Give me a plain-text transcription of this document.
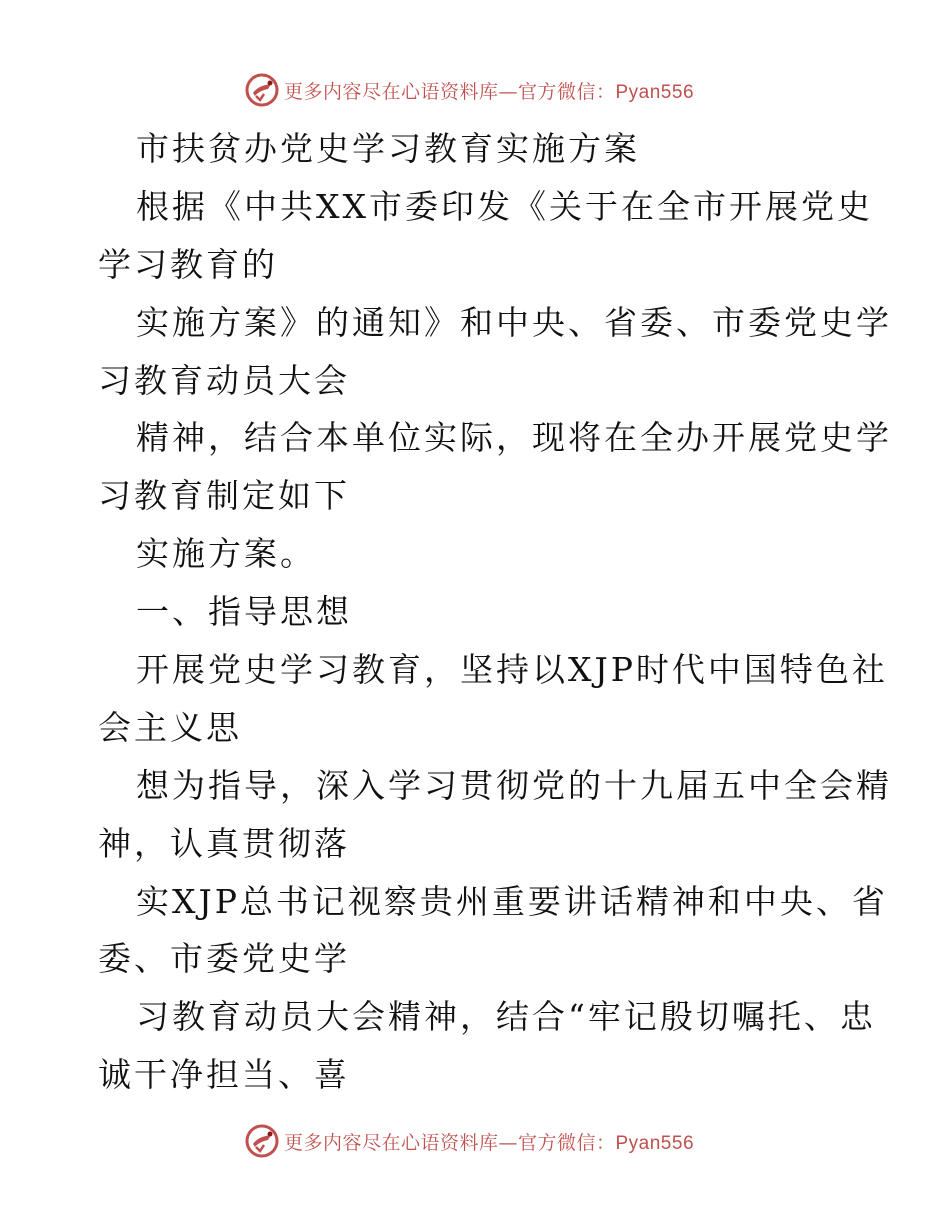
更多内容尽在心语资料库—官方微信：Pyan556
市扶贫办党史学习教育实施方案
根据《中共XX市委印发《关于在全市开展党史
学习教育的
实施方案》的通知》和中央、省委、市委党史学
习教育动员大会
精神，结合本单位实际，现将在全办开展党史学
习教育制定如下
实施方案。
一、指导思想
开展党史学习教育，坚持以XJP时代中国特色社
会主义思
想为指导，深入学习贯彻党的十九届五中全会精
神，认真贯彻落
实XJP总书记视察贵州重要讲话精神和中央、省
委、市委党史学
习教育动员大会精神，结合“牢记殷切嘱托、忠
诚干净担当、喜
更多内容尽在心语资料库—官方微信：Pyan556
